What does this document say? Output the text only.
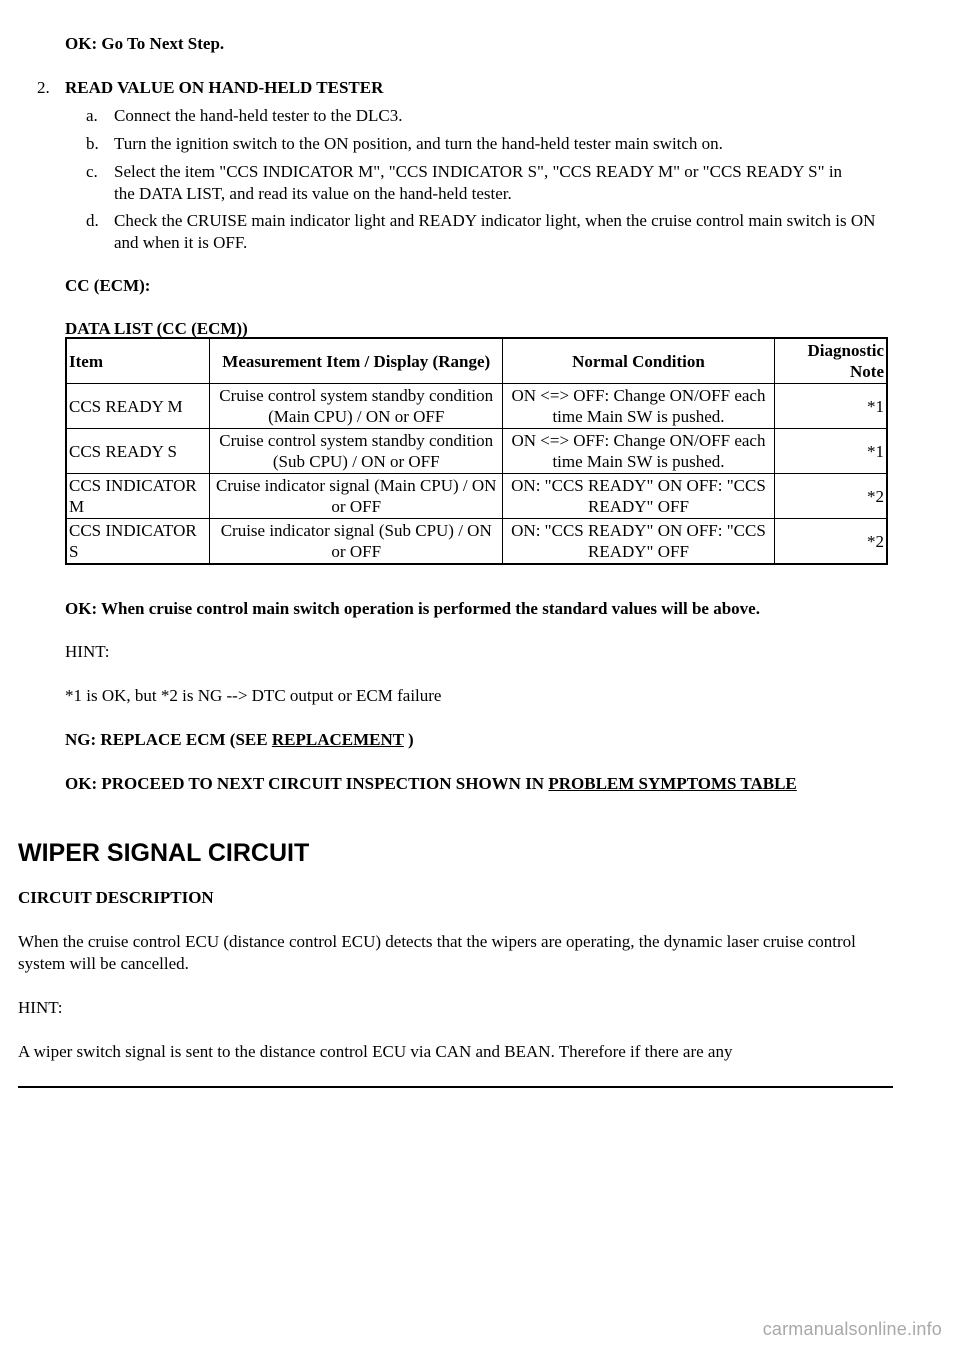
OK: Go To Next Step.
2. READ VALUE ON HAND-HELD TESTER
a. Connect the hand-held tester to the DLC3.
b. Turn the ignition switch to the ON position, and turn the hand-held tester main switch on.
c. Select the item "CCS INDICATOR M", "CCS INDICATOR S", "CCS READY M" or "CCS READY S" in the DATA LIST, and read its value on the hand-held tester.
d. Check the CRUISE main indicator light and READY indicator light, when the cruise control main switch is ON and when it is OFF.
CC (ECM):
DATA LIST (CC (ECM))
Item	Measurement Item / Display (Range)	Normal Condition	Diagnostic Note
CCS READY M	Cruise control system standby condition (Main CPU) / ON or OFF	ON <=> OFF: Change ON/OFF each time Main SW is pushed.	*1
CCS READY S	Cruise control system standby condition (Sub CPU) / ON or OFF	ON <=> OFF: Change ON/OFF each time Main SW is pushed.	*1
CCS INDICATOR M	Cruise indicator signal (Main CPU) / ON or OFF	ON: "CCS READY" ON OFF: "CCS READY" OFF	*2
CCS INDICATOR S	Cruise indicator signal (Sub CPU) / ON or OFF	ON: "CCS READY" ON OFF: "CCS READY" OFF	*2
OK: When cruise control main switch operation is performed the standard values will be above.
HINT:
*1 is OK, but *2 is NG --> DTC output or ECM failure
NG: REPLACE ECM (SEE REPLACEMENT )
OK: PROCEED TO NEXT CIRCUIT INSPECTION SHOWN IN PROBLEM SYMPTOMS TABLE
WIPER SIGNAL CIRCUIT
CIRCUIT DESCRIPTION
When the cruise control ECU (distance control ECU) detects that the wipers are operating, the dynamic laser cruise control system will be cancelled.
HINT:
A wiper switch signal is sent to the distance control ECU via CAN and BEAN. Therefore if there are any
carmanualsonline.info
